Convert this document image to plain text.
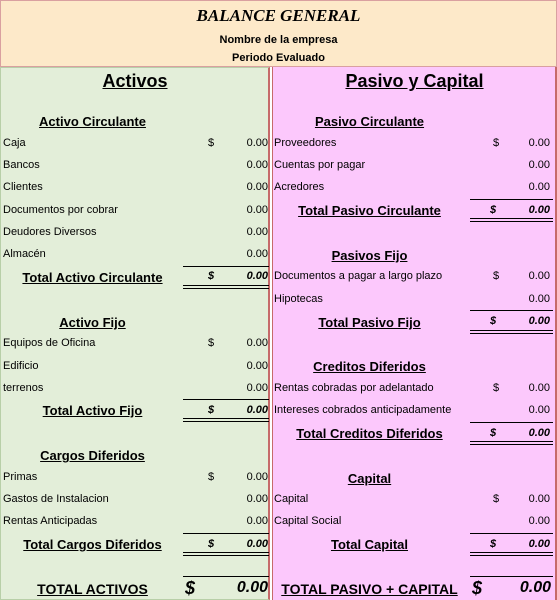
BALANCE GENERAL
Nombre de la empresa
Periodo Evaluado
Activos
Activo Circulante
Caja	$	0.00
Bancos	0.00
Clientes	0.00
Documentos por cobrar	0.00
Deudores Diversos	0.00
Almacén	0.00
Total Activo Circulante	$	0.00
Activo Fijo
Equipos de Oficina	$	0.00
Edificio	0.00
terrenos	0.00
Total Activo Fijo	$	0.00
Cargos Diferidos
Primas	$	0.00
Gastos de Instalacion	0.00
Rentas Anticipadas	0.00
Total Cargos Diferidos	$	0.00
TOTAL ACTIVOS	$	0.00
Pasivo y Capital
Pasivo Circulante
Proveedores	$	0.00
Cuentas por pagar	0.00
Acredores	0.00
Total Pasivo Circulante	$	0.00
Pasivos Fijo
Documentos a pagar a largo plazo	$	0.00
Hipotecas	0.00
Total Pasivo Fijo	$	0.00
Creditos Diferidos
Rentas cobradas por adelantado	$	0.00
Intereses cobrados anticipadamente	0.00
Total Creditos Diferidos	$	0.00
Capital
Capital	$	0.00
Capital Social	0.00
Total Capital	$	0.00
TOTAL PASIVO + CAPITAL $	0.00
